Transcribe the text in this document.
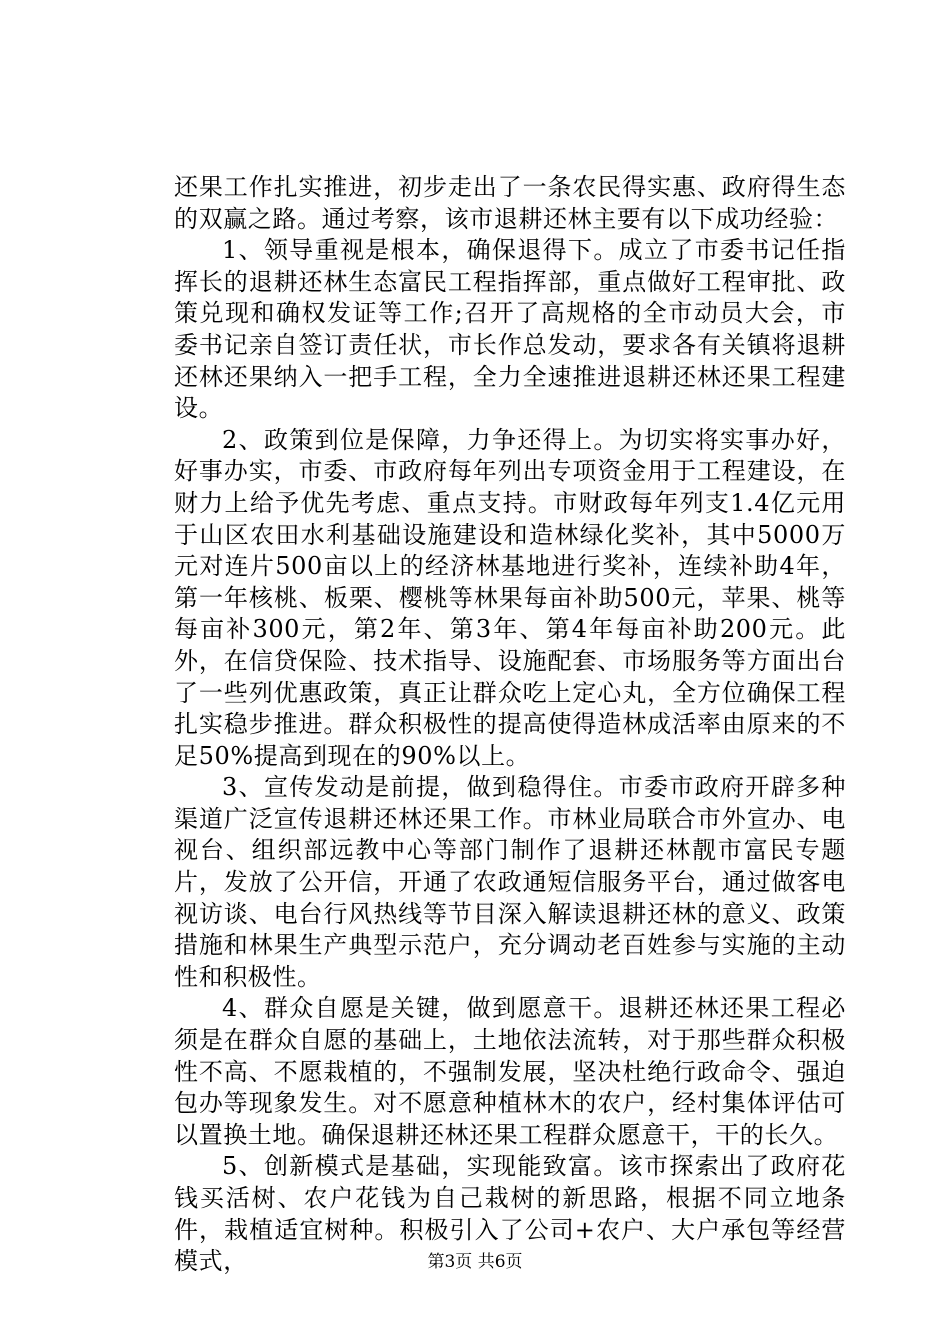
还果工作扎实推进，初步走出了一条农民得实惠、政府得生态的双赢之路。通过考察，该市退耕还林主要有以下成功经验：

1、领导重视是根本，确保退得下。成立了市委书记任指挥长的退耕还林生态富民工程指挥部，重点做好工程审批、政策兑现和确权发证等工作;召开了高规格的全市动员大会，市委书记亲自签订责任状，市长作总发动，要求各有关镇将退耕还林还果纳入一把手工程，全力全速推进退耕还林还果工程建设。

2、政策到位是保障，力争还得上。为切实将实事办好，好事办实，市委、市政府每年列出专项资金用于工程建设，在财力上给予优先考虑、重点支持。市财政每年列支1.4亿元用于山区农田水利基础设施建设和造林绿化奖补，其中5000万元对连片500亩以上的经济林基地进行奖补，连续补助4年，第一年核桃、板栗、樱桃等林果每亩补助500元，苹果、桃等每亩补300元，第2年、第3年、第4年每亩补助200元。此外，在信贷保险、技术指导、设施配套、市场服务等方面出台了一些列优惠政策，真正让群众吃上定心丸，全方位确保工程扎实稳步推进。群众积极性的提高使得造林成活率由原来的不足50%提高到现在的90%以上。

3、宣传发动是前提，做到稳得住。市委市政府开辟多种渠道广泛宣传退耕还林还果工作。市林业局联合市外宣办、电视台、组织部远教中心等部门制作了退耕还林靓市富民专题片，发放了公开信，开通了农政通短信服务平台，通过做客电视访谈、电台行风热线等节目深入解读退耕还林的意义、政策措施和林果生产典型示范户，充分调动老百姓参与实施的主动性和积极性。

4、群众自愿是关键，做到愿意干。退耕还林还果工程必须是在群众自愿的基础上，土地依法流转，对于那些群众积极性不高、不愿栽植的，不强制发展，坚决杜绝行政命令、强迫包办等现象发生。对不愿意种植林木的农户，经村集体评估可以置换土地。确保退耕还林还果工程群众愿意干，干的长久。

5、创新模式是基础，实现能致富。该市探索出了政府花钱买活树、农户花钱为自己栽树的新思路，根据不同立地条件，栽植适宜树种。积极引入了公司+农户、大户承包等经营模式，	第3页 共6页
